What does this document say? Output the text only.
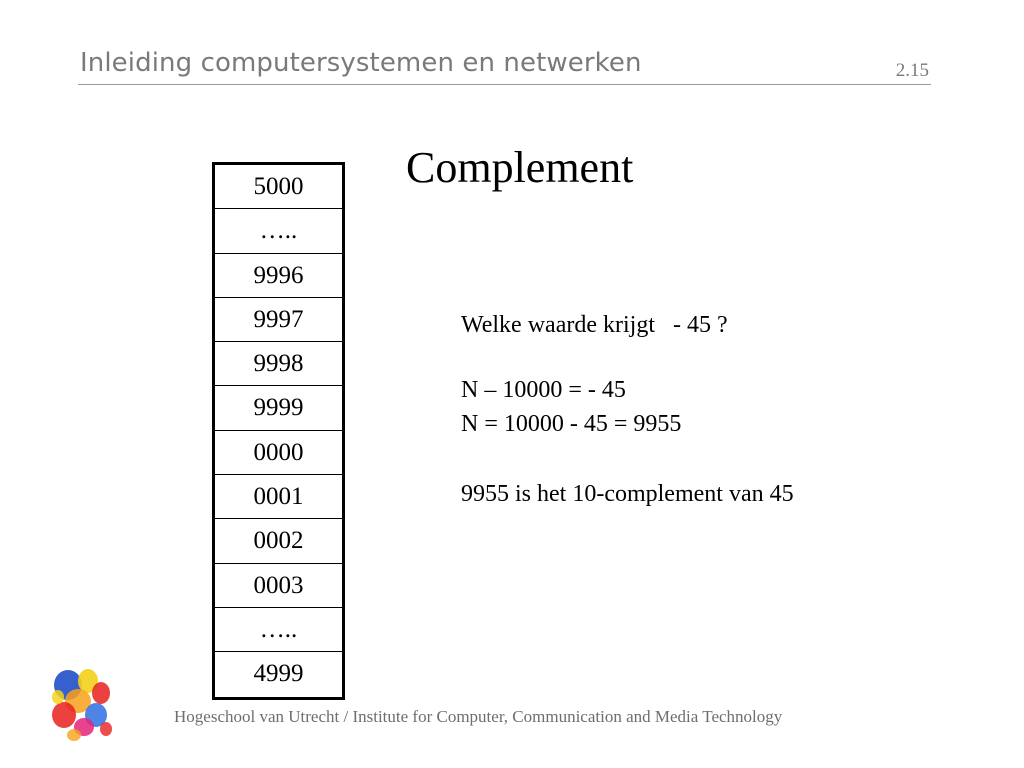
Inleiding computersystemen en netwerken	2.15
Complement
5000
…..
9996
9997
9998
9999
0000
0001
0002
0003
…..
4999
Welke waarde krijgt   - 45 ?
N – 10000 = - 45
N = 10000 - 45 = 9955
9955 is het 10-complement van 45
Hogeschool van Utrecht / Institute for Computer, Communication and Media Technology
